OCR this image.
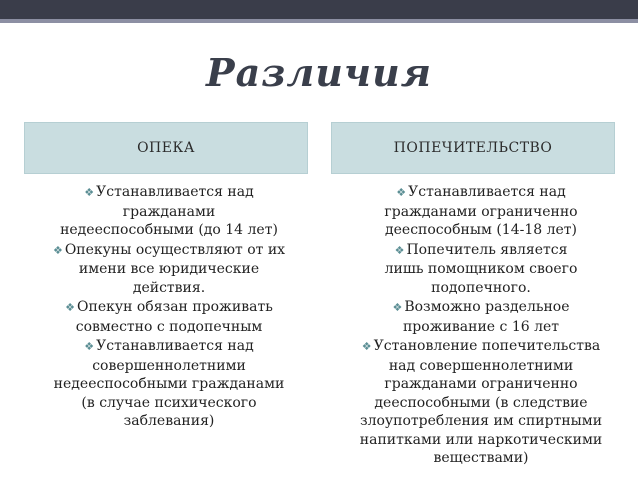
Различия
ОПЕКА	ПОПЕЧИТЕЛЬСТВО
❖ Устанавливается над гражданами недееспособными (до 14 лет)
❖ Опекуны осуществляют от их имени все юридические действия.
❖ Опекун обязан проживать совместно с подопечным
❖ Устанавливается над совершеннолетними недееспособными гражданами (в случае психического заблевания)
❖ Устанавливается над гражданами ограниченно дееспособным (14-18 лет)
❖ Попечитель является лишь помощником своего подопечного.
❖ Возможно раздельное проживание с 16 лет
❖ Установление попечительства над совершеннолетними гражданами ограниченно дееспособными (в следствие злоупотребления им спиртными напитками или наркотическими веществами)
